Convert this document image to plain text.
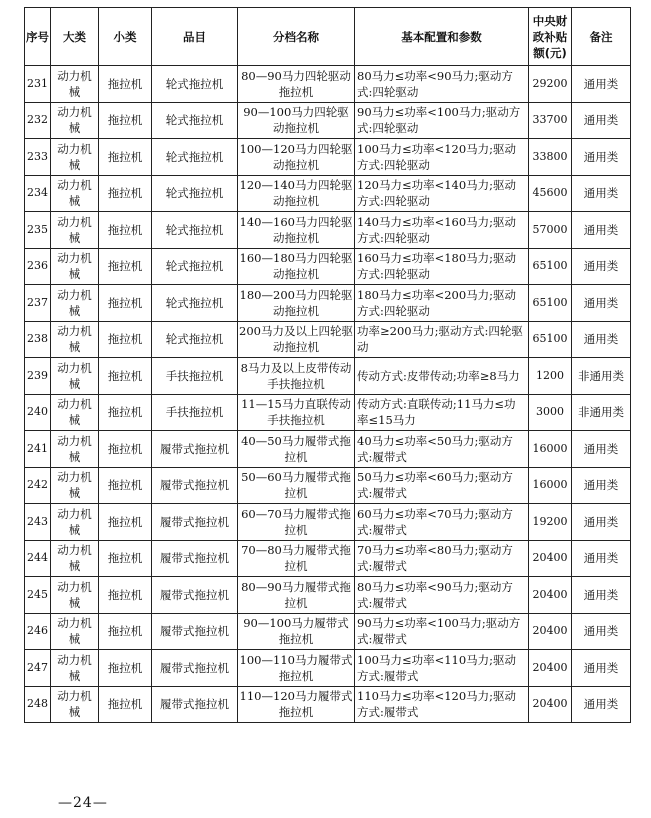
序号	大类	小类	品目	分档名称	基本配置和参数	中央财政补贴额(元)	备注
231	动力机械	拖拉机	轮式拖拉机	80—90马力四轮驱动拖拉机	80马力≤功率<90马力;驱动方式:四轮驱动	29200	通用类
232	动力机械	拖拉机	轮式拖拉机	90—100马力四轮驱动拖拉机	90马力≤功率<100马力;驱动方式:四轮驱动	33700	通用类
233	动力机械	拖拉机	轮式拖拉机	100—120马力四轮驱动拖拉机	100马力≤功率<120马力;驱动方式:四轮驱动	33800	通用类
234	动力机械	拖拉机	轮式拖拉机	120—140马力四轮驱动拖拉机	120马力≤功率<140马力;驱动方式:四轮驱动	45600	通用类
235	动力机械	拖拉机	轮式拖拉机	140—160马力四轮驱动拖拉机	140马力≤功率<160马力;驱动方式:四轮驱动	57000	通用类
236	动力机械	拖拉机	轮式拖拉机	160—180马力四轮驱动拖拉机	160马力≤功率<180马力;驱动方式:四轮驱动	65100	通用类
237	动力机械	拖拉机	轮式拖拉机	180—200马力四轮驱动拖拉机	180马力≤功率<200马力;驱动方式:四轮驱动	65100	通用类
238	动力机械	拖拉机	轮式拖拉机	200马力及以上四轮驱动拖拉机	功率≥200马力;驱动方式:四轮驱动	65100	通用类
239	动力机械	拖拉机	手扶拖拉机	8马力及以上皮带传动手扶拖拉机	传动方式:皮带传动;功率≥8马力	1200	非通用类
240	动力机械	拖拉机	手扶拖拉机	11—15马力直联传动手扶拖拉机	传动方式:直联传动;11马力≤功率≤15马力	3000	非通用类
241	动力机械	拖拉机	履带式拖拉机	40—50马力履带式拖拉机	40马力≤功率<50马力;驱动方式:履带式	16000	通用类
242	动力机械	拖拉机	履带式拖拉机	50—60马力履带式拖拉机	50马力≤功率<60马力;驱动方式:履带式	16000	通用类
243	动力机械	拖拉机	履带式拖拉机	60—70马力履带式拖拉机	60马力≤功率<70马力;驱动方式:履带式	19200	通用类
244	动力机械	拖拉机	履带式拖拉机	70—80马力履带式拖拉机	70马力≤功率<80马力;驱动方式:履带式	20400	通用类
245	动力机械	拖拉机	履带式拖拉机	80—90马力履带式拖拉机	80马力≤功率<90马力;驱动方式:履带式	20400	通用类
246	动力机械	拖拉机	履带式拖拉机	90—100马力履带式拖拉机	90马力≤功率<100马力;驱动方式:履带式	20400	通用类
247	动力机械	拖拉机	履带式拖拉机	100—110马力履带式拖拉机	100马力≤功率<110马力;驱动方式:履带式	20400	通用类
248	动力机械	拖拉机	履带式拖拉机	110—120马力履带式拖拉机	110马力≤功率<120马力;驱动方式:履带式	20400	通用类
—24—
